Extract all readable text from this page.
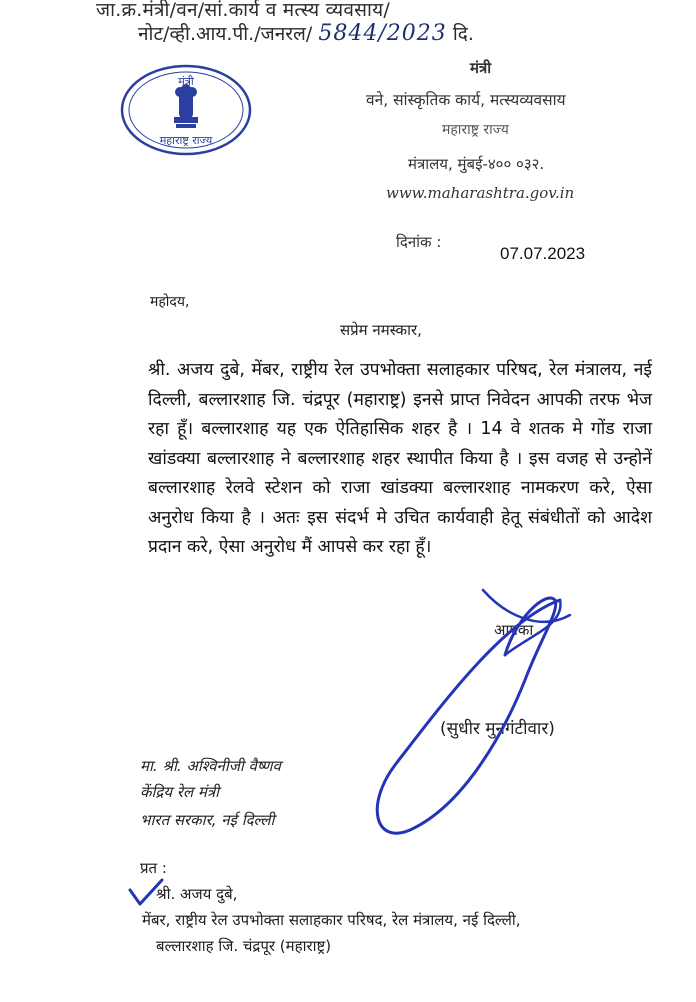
जा.क्र.मंत्री/वन/सां.कार्य व मत्स्य व्यवसाय/
नोट/व्ही.आय.पी./जनरल/ 5844/2023 दि.
मंत्री
महाराष्ट्र राज्य
मंत्री
वने, सांस्कृतिक कार्य, मत्स्यव्यवसाय
महाराष्ट्र राज्य
मंत्रालय, मुंबई-४०० ०३२.
www.maharashtra.gov.in
दिनांक :
07.07.2023
महोदय,
सप्रेम नमस्कार,
श्री. अजय दुबे, मेंबर, राष्ट्रीय रेल उपभोक्ता सलाहकार परिषद, रेल मंत्रालय, नई दिल्ली, बल्लारशाह जि. चंद्रपूर (महाराष्ट्र) इनसे प्राप्त निवेदन आपकी तरफ भेज रहा हूँ। बल्लारशाह यह एक ऐतिहासिक शहर है । 14 वे शतक मे गोंड राजा खांडक्या बल्लारशाह ने बल्लारशाह शहर स्थापीत किया है । इस वजह से उन्होनें बल्लारशाह रेलवे स्टेशन को राजा खांडक्या बल्लारशाह नामकरण करे, ऐसा अनुरोध किया है । अतः इस संदर्भ मे उचित कार्यवाही हेतू संबंधीतों को आदेश प्रदान करे, ऐसा अनुरोध मैं आपसे कर रहा हूँ।
आपका
(सुधीर मुनगंटीवार)
मा. श्री. अश्विनीजी वैष्णव
केंद्रिय रेल मंत्री
भारत सरकार, नई दिल्ली
प्रत :
श्री. अजय दुबे,
मेंबर, राष्ट्रीय रेल उपभोक्ता सलाहकार परिषद, रेल मंत्रालय, नई दिल्ली,
बल्लारशाह जि. चंद्रपूर (महाराष्ट्र)
